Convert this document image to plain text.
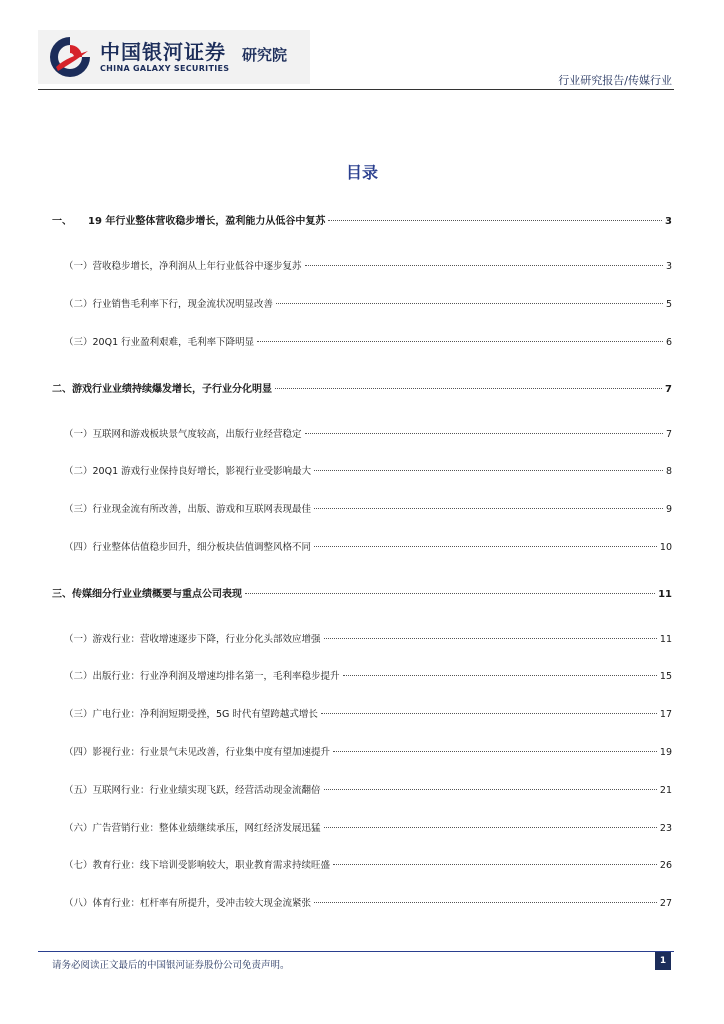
中国银河证券
CHINA GALAXY SECURITIES
研究院
行业研究报告/传媒行业
目录
一、 19 年行业整体营收稳步增长，盈利能力从低谷中复苏	3
（一）营收稳步增长，净利润从上年行业低谷中逐步复苏	3
（二）行业销售毛利率下行，现金流状况明显改善	5
（三）20Q1 行业盈利艰难，毛利率下降明显	6
二、游戏行业业绩持续爆发增长，子行业分化明显	7
（一）互联网和游戏板块景气度较高，出版行业经营稳定	7
（二）20Q1 游戏行业保持良好增长，影视行业受影响最大	8
（三）行业现金流有所改善，出版、游戏和互联网表现最佳	9
（四）行业整体估值稳步回升，细分板块估值调整风格不同	10
三、传媒细分行业业绩概要与重点公司表现	11
（一）游戏行业：营收增速逐步下降，行业分化头部效应增强	11
（二）出版行业：行业净利润及增速均排名第一，毛利率稳步提升	15
（三）广电行业：净利润短期受挫，5G 时代有望跨越式增长	17
（四）影视行业：行业景气未见改善，行业集中度有望加速提升	19
（五）互联网行业：行业业绩实现飞跃，经营活动现金流翻倍	21
（六）广告营销行业：整体业绩继续承压，网红经济发展迅猛	23
（七）教育行业：线下培训受影响较大，职业教育需求持续旺盛	26
（八）体育行业：杠杆率有所提升，受冲击较大现金流紧张	27
请务必阅读正文最后的中国银河证券股份公司免责声明。	1
